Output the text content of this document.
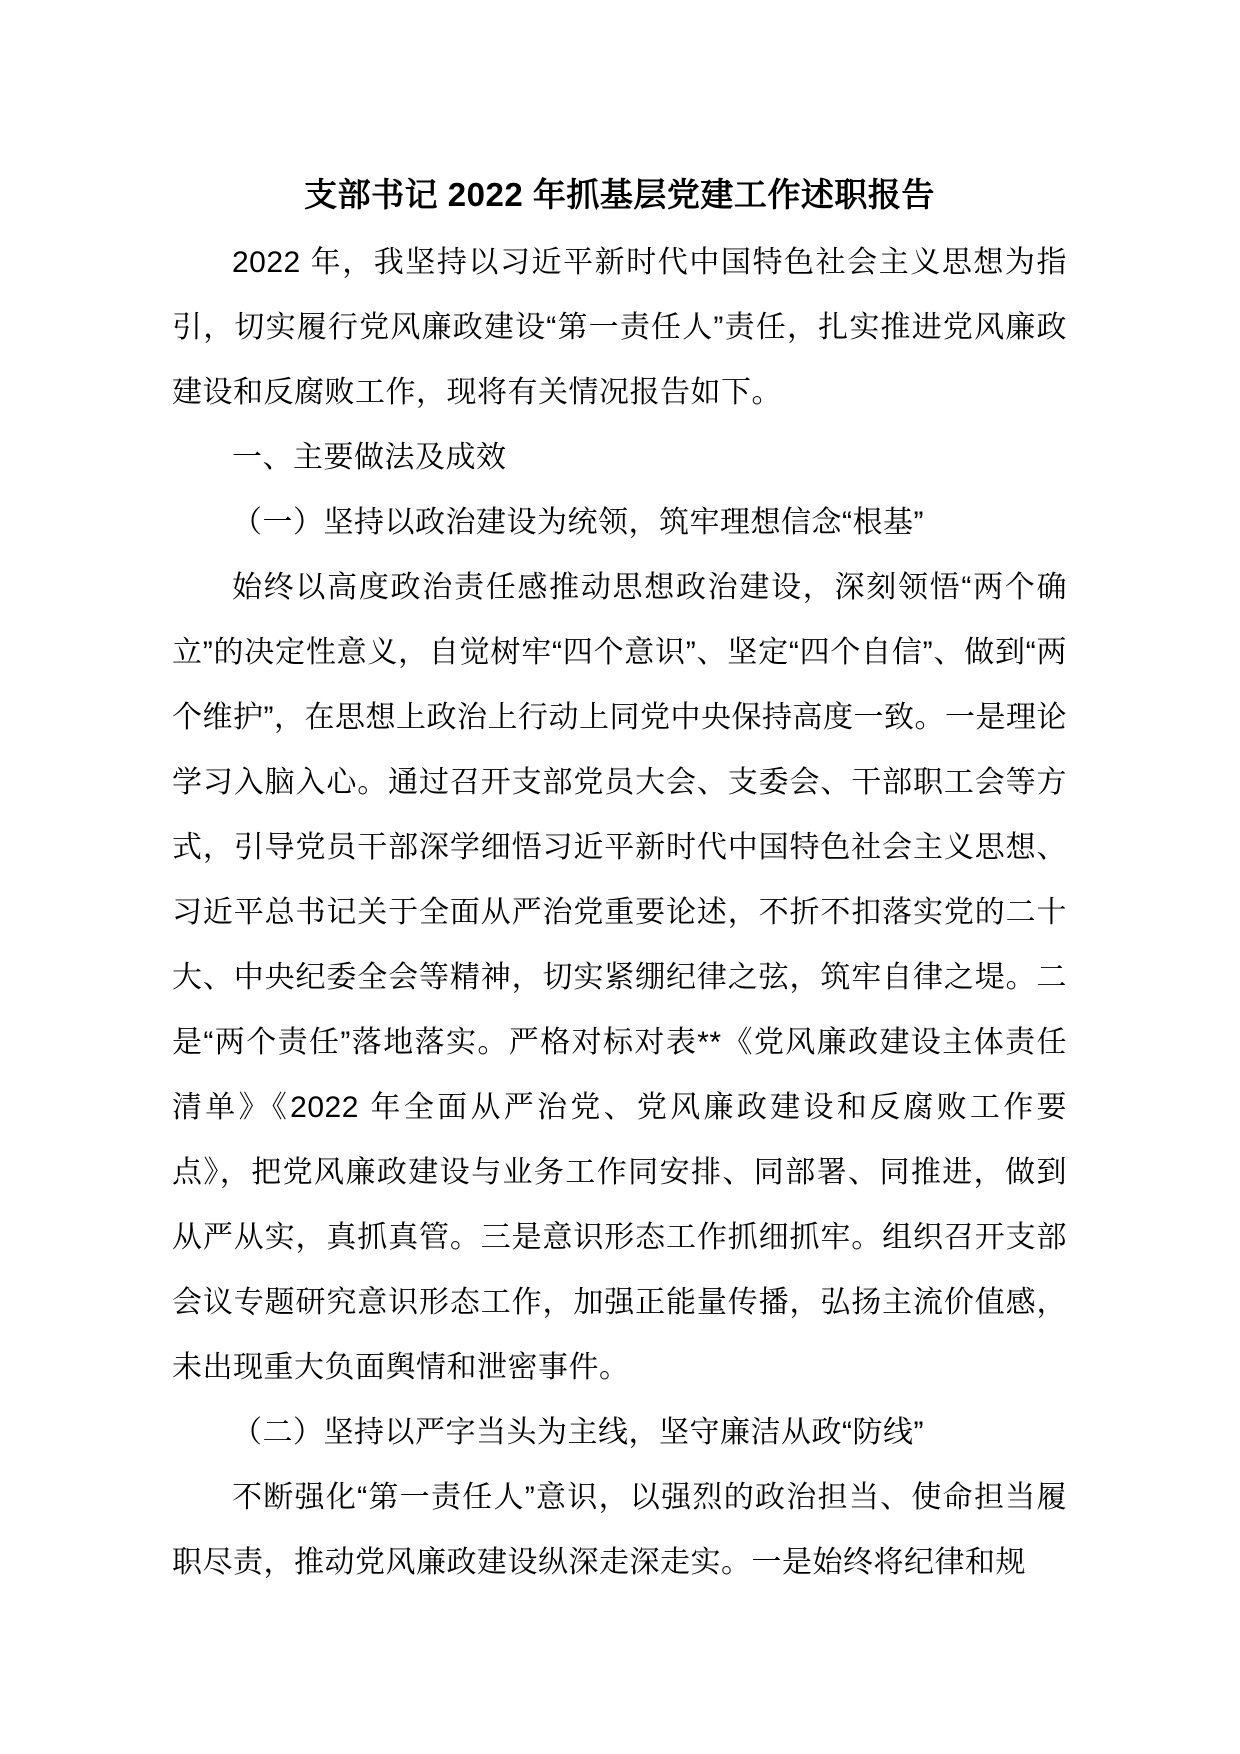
支部书记 2022 年抓基层党建工作述职报告

2022 年，我坚持以习近平新时代中国特色社会主义思想为指引，切实履行党风廉政建设“第一责任人”责任，扎实推进党风廉政建设和反腐败工作，现将有关情况报告如下。

一、主要做法及成效

（一）坚持以政治建设为统领，筑牢理想信念“根基”

始终以高度政治责任感推动思想政治建设，深刻领悟“两个确立”的决定性意义，自觉树牢“四个意识”、坚定“四个自信”、做到“两个维护”，在思想上政治上行动上同党中央保持高度一致。一是理论学习入脑入心。通过召开支部党员大会、支委会、干部职工会等方式，引导党员干部深学细悟习近平新时代中国特色社会主义思想、习近平总书记关于全面从严治党重要论述，不折不扣落实党的二十大、中央纪委全会等精神，切实紧绷纪律之弦，筑牢自律之堤。二是“两个责任”落地落实。严格对标对表**《党风廉政建设主体责任清单》《2022 年全面从严治党、党风廉政建设和反腐败工作要点》，把党风廉政建设与业务工作同安排、同部署、同推进，做到从严从实，真抓真管。三是意识形态工作抓细抓牢。组织召开支部会议专题研究意识形态工作，加强正能量传播，弘扬主流价值感，未出现重大负面舆情和泄密事件。

（二）坚持以严字当头为主线，坚守廉洁从政“防线”

不断强化“第一责任人”意识，以强烈的政治担当、使命担当履职尽责，推动党风廉政建设纵深走深走实。一是始终将纪律和规
